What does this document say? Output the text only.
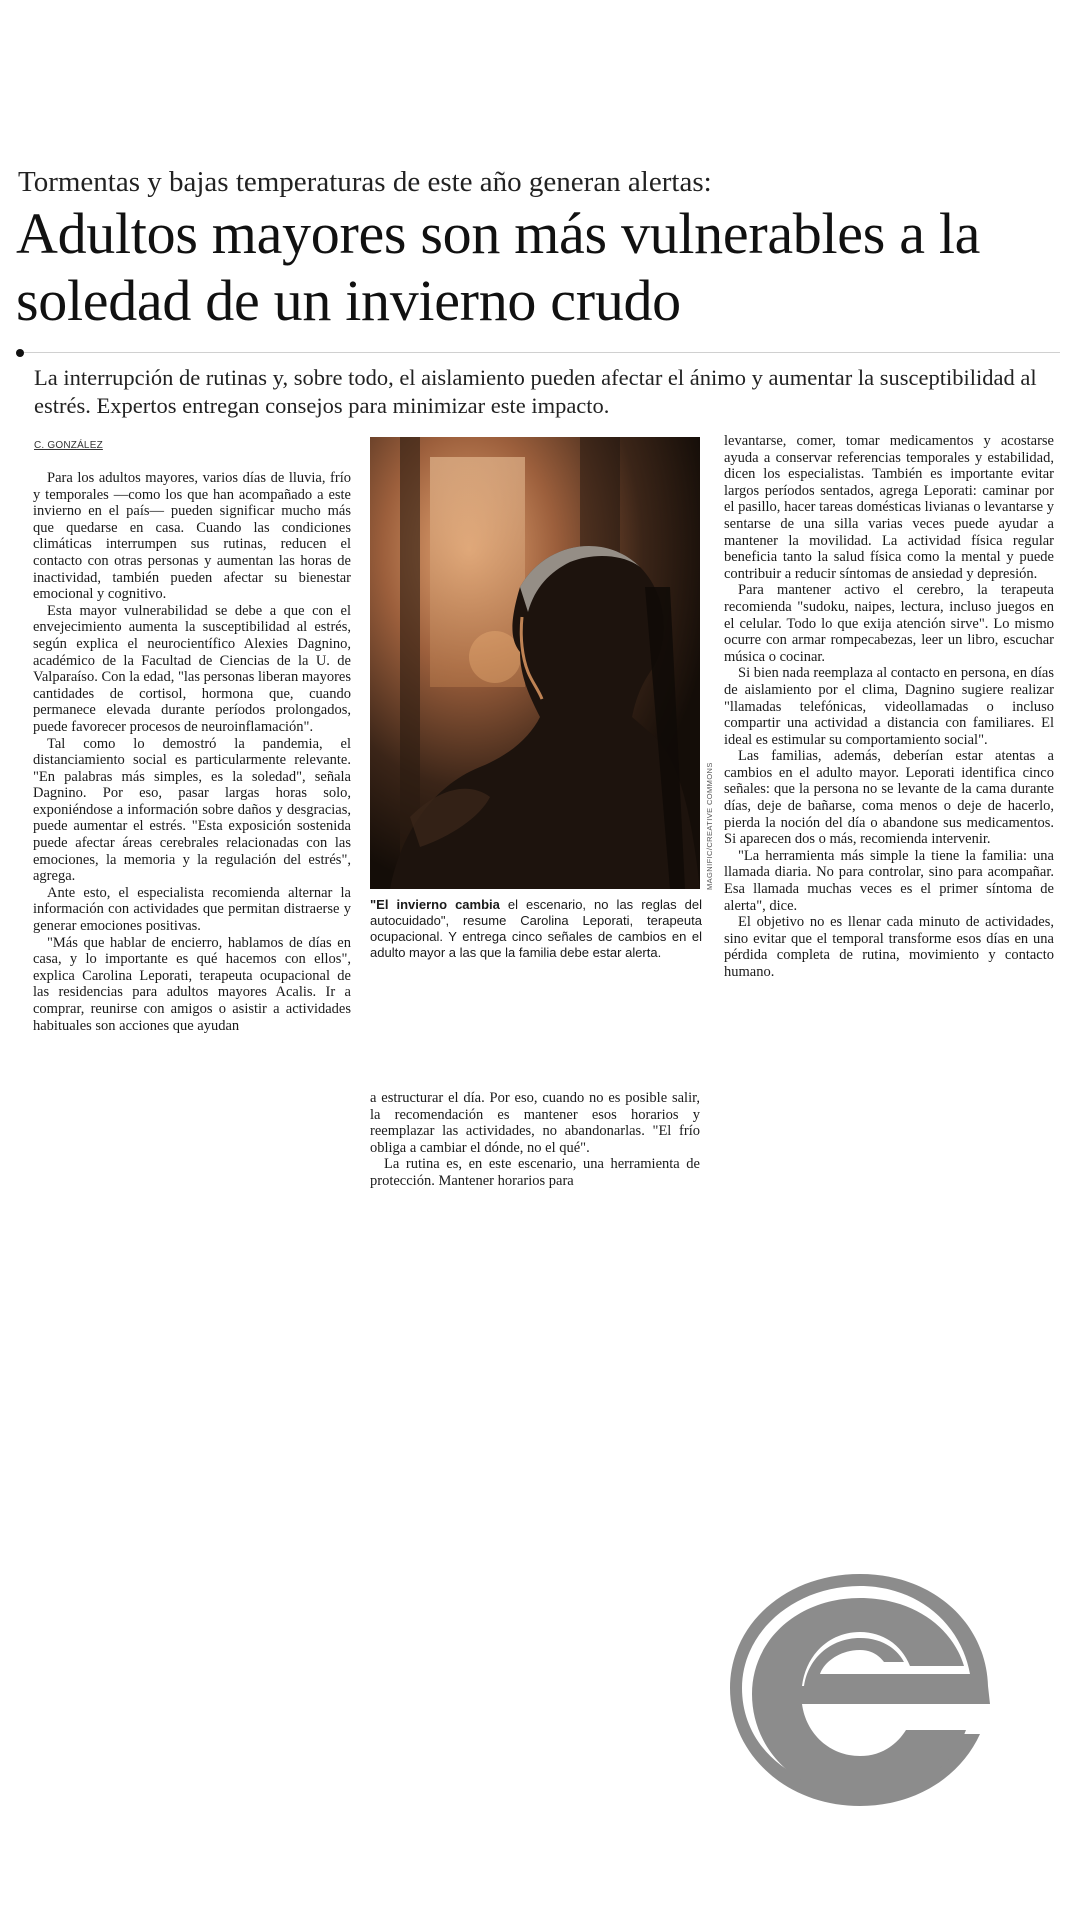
Tormentas y bajas temperaturas de este año generan alertas:
Adultos mayores son más vulnerables a la soledad de un invierno crudo
La interrupción de rutinas y, sobre todo, el aislamiento pueden afectar el ánimo y aumentar la susceptibilidad al estrés. Expertos entregan consejos para minimizar este impacto.
C. GONZÁLEZ

Para los adultos mayores, varios días de lluvia, frío y temporales —como los que han acompañado a este invierno en el país— pueden significar mucho más que quedarse en casa. Cuando las condiciones climáticas interrumpen sus rutinas, reducen el contacto con otras personas y aumentan las horas de inactividad, también pueden afectar su bienestar emocional y cognitivo.

Esta mayor vulnerabilidad se debe a que con el envejecimiento aumenta la susceptibilidad al estrés, según explica el neurocientífico Alexies Dagnino, académico de la Facultad de Ciencias de la U. de Valparaíso. Con la edad, "las personas liberan mayores cantidades de cortisol, hormona que, cuando permanece elevada durante períodos prolongados, puede favorecer procesos de neuroinflamación".

Tal como lo demostró la pandemia, el distanciamiento social es particularmente relevante. "En palabras más simples, es la soledad", señala Dagnino. Por eso, pasar largas horas solo, exponiéndose a información sobre daños y desgracias, puede aumentar el estrés. "Esta exposición sostenida puede afectar áreas cerebrales relacionadas con las emociones, la memoria y la regulación del estrés", agrega.

Ante esto, el especialista recomienda alternar la información con actividades que permitan distraerse y generar emociones positivas.

"Más que hablar de encierro, hablamos de días en casa, y lo importante es qué hacemos con ellos", explica Carolina Leporati, terapeuta ocupacional de las residencias para adultos mayores Acalis. Ir a comprar, reunirse con amigos o asistir a actividades habituales son acciones que ayudan

MAGNIFIC/CREATIVE COMMONS
"El invierno cambia el escenario, no las reglas del autocuidado", resume Carolina Leporati, terapeuta ocupacional. Y entrega cinco señales de cambios en el adulto mayor a las que la familia debe estar alerta.

a estructurar el día. Por eso, cuando no es posible salir, la recomendación es mantener esos horarios y reemplazar las actividades, no abandonarlas. "El frío obliga a cambiar el dónde, no el qué".

La rutina es, en este escenario, una herramienta de protección. Mantener horarios para

levantarse, comer, tomar medicamentos y acostarse ayuda a conservar referencias temporales y estabilidad, dicen los especialistas. También es importante evitar largos períodos sentados, agrega Leporati: caminar por el pasillo, hacer tareas domésticas livianas o levantarse y sentarse de una silla varias veces puede ayudar a mantener la movilidad. La actividad física regular beneficia tanto la salud física como la mental y puede contribuir a reducir síntomas de ansiedad y depresión.

Para mantener activo el cerebro, la terapeuta recomienda "sudoku, naipes, lectura, incluso juegos en el celular. Todo lo que exija atención sirve". Lo mismo ocurre con armar rompecabezas, leer un libro, escuchar música o cocinar.

Si bien nada reemplaza al contacto en persona, en días de aislamiento por el clima, Dagnino sugiere realizar "llamadas telefónicas, videollamadas o incluso compartir una actividad a distancia con familiares. El ideal es estimular su comportamiento social".

Las familias, además, deberían estar atentas a cambios en el adulto mayor. Leporati identifica cinco señales: que la persona no se levante de la cama durante días, deje de bañarse, coma menos o deje de hacerlo, pierda la noción del día o abandone sus medicamentos. Si aparecen dos o más, recomienda intervenir.

"La herramienta más simple la tiene la familia: una llamada diaria. No para controlar, sino para acompañar. Esa llamada muchas veces es el primer síntoma de alerta", dice.

El objetivo no es llenar cada minuto de actividades, sino evitar que el temporal transforme esos días en una pérdida completa de rutina, movimiento y contacto humano.
